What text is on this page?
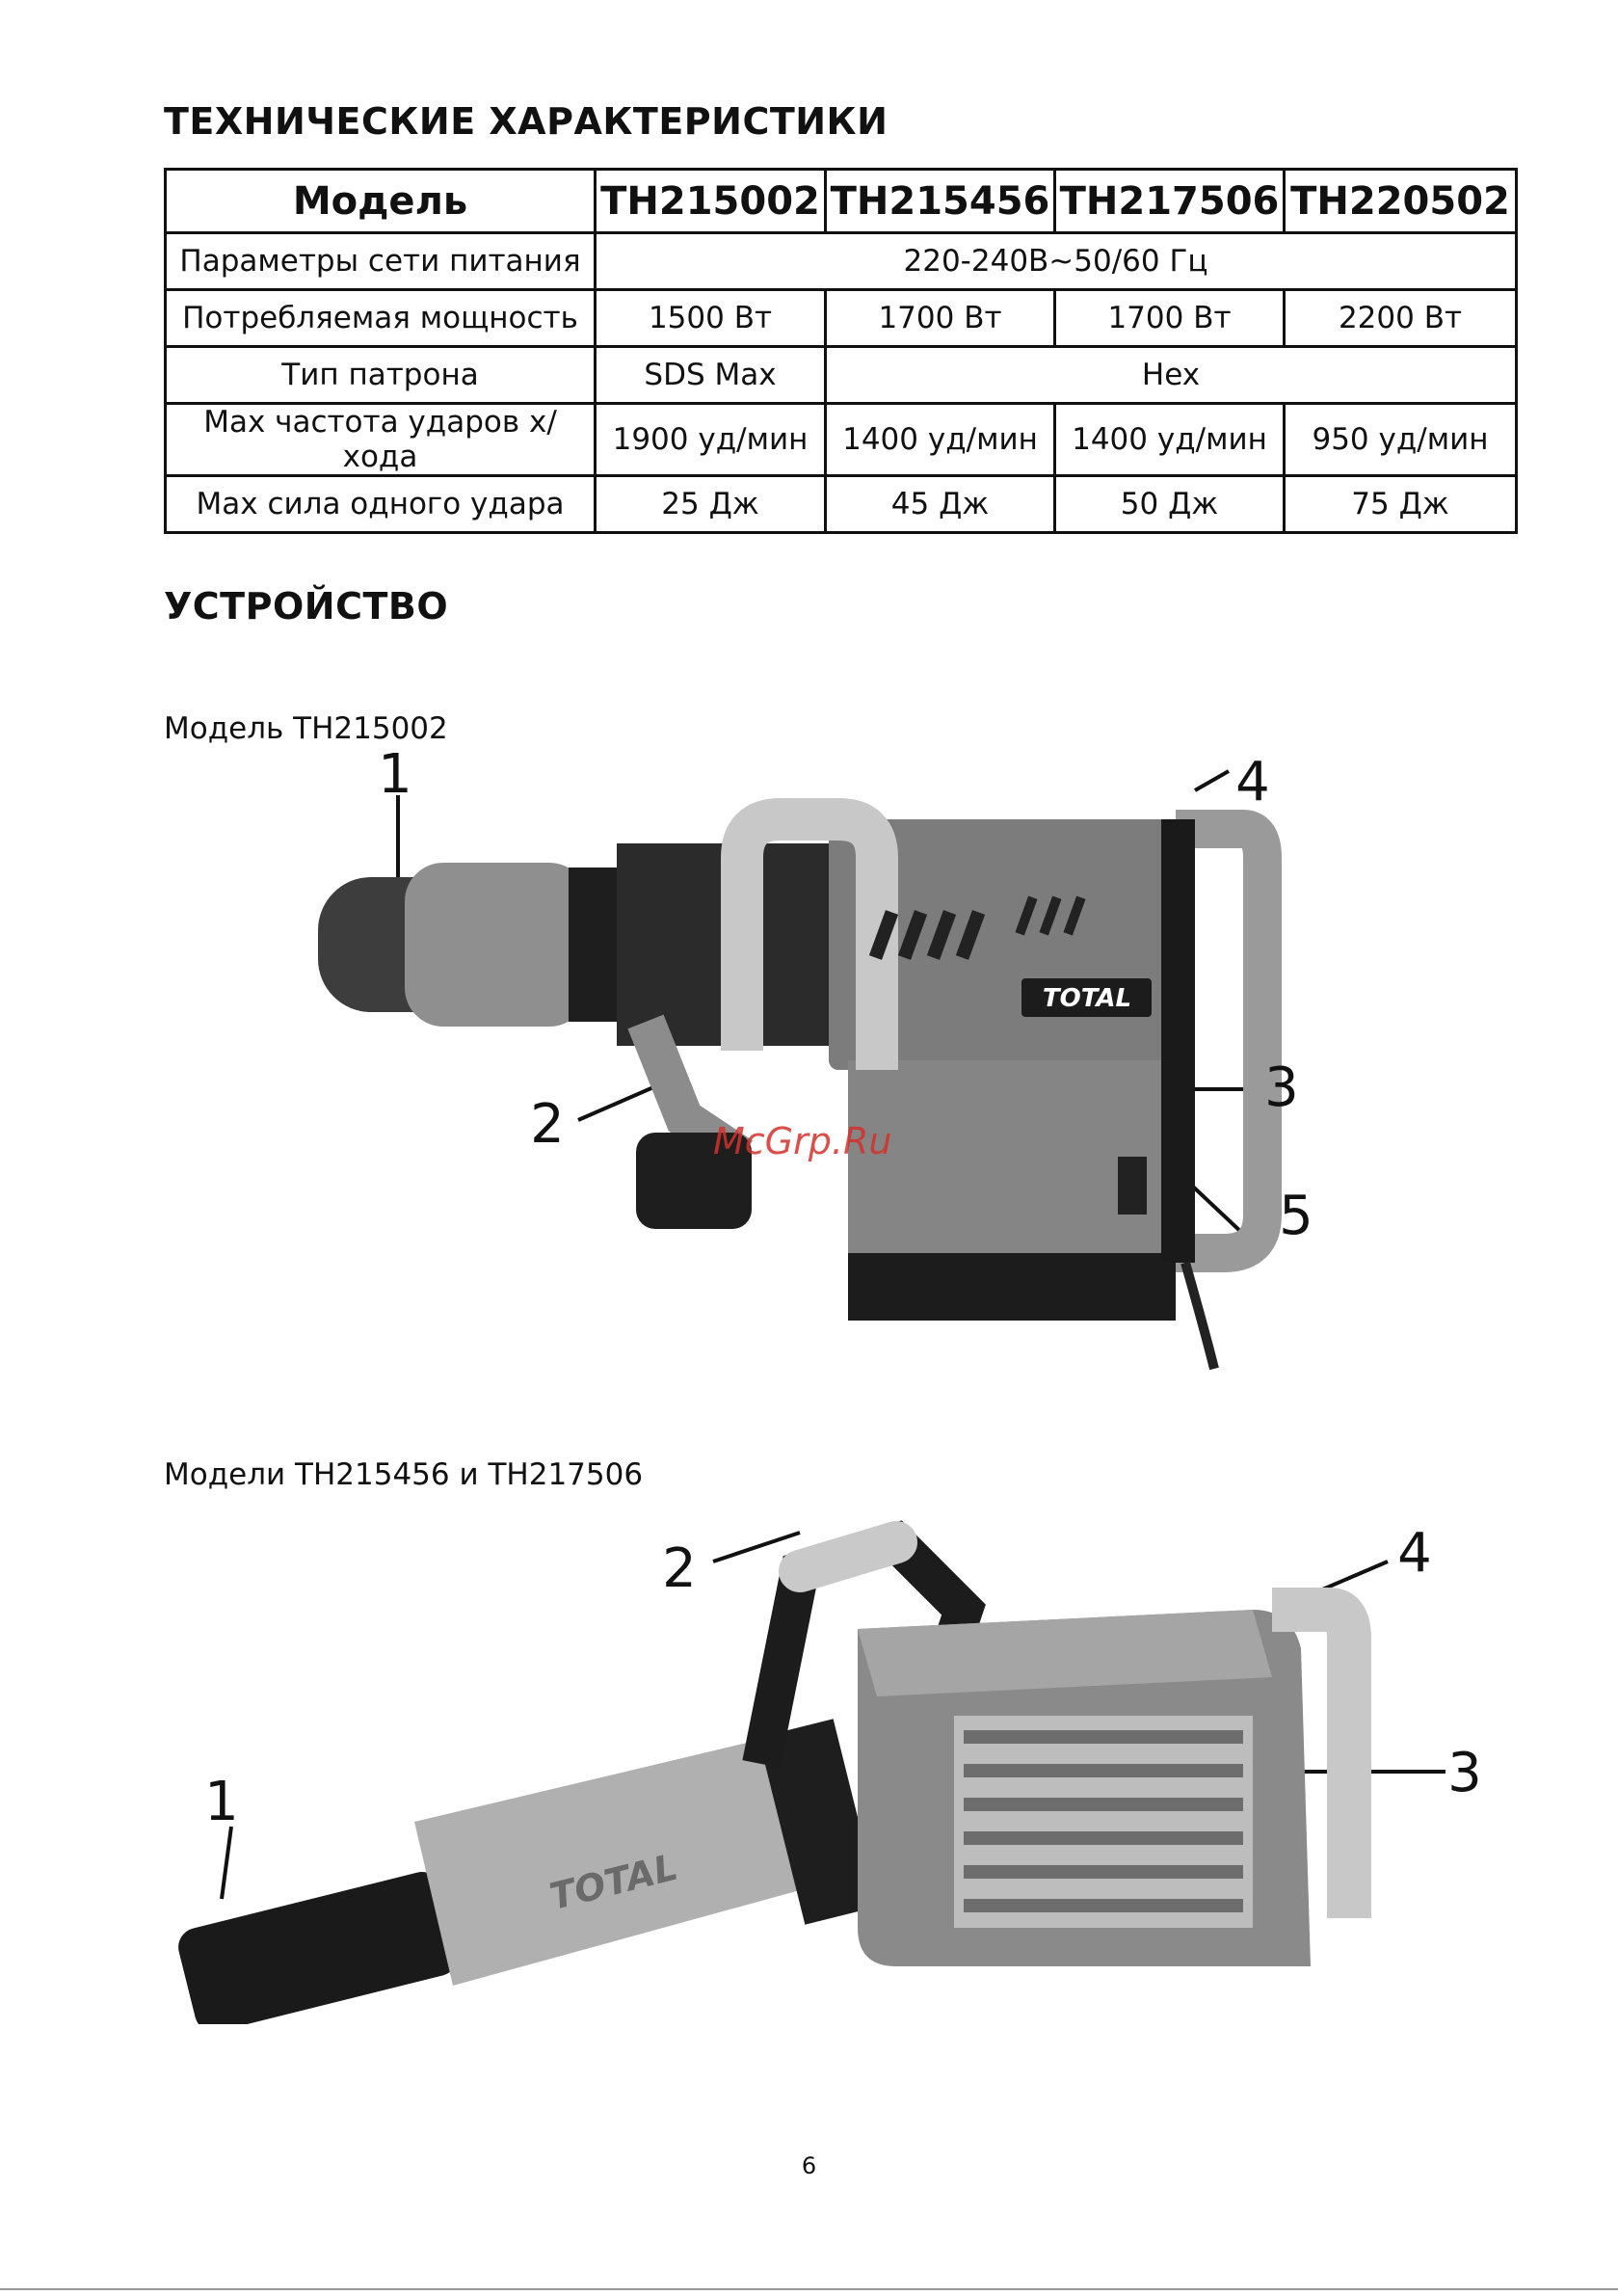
ТЕХНИЧЕСКИЕ ХАРАКТЕРИСТИКИ
Модель	TH215002	TH215456	TH217506	TH220502
Параметры сети питания	220-240В~50/60 Гц			
Потребляемая мощность	1500 Вт	1700 Вт	1700 Вт	2200 Вт
Тип патрона	SDS Max	Hex		
Max частота ударов х/хода	1900 уд/мин	1400 уд/мин	1400 уд/мин	950 уд/мин
Max сила одного удара	25 Дж	45 Дж	50 Дж	75 Дж
УСТРОЙСТВО

Модель TH215002

TOTAL
1
2
3
4
5
McGrp.Ru

Модели TH215456 и TH217506

TOTAL
1
2
3
4
6
